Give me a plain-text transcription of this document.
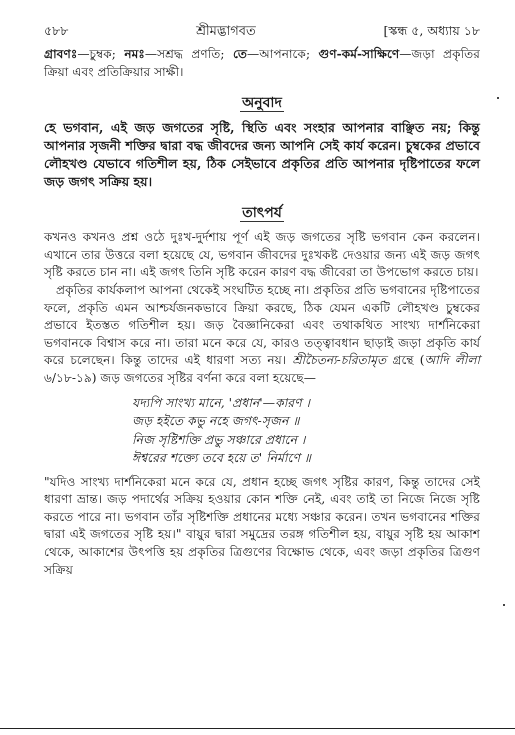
৫৮৮	শ্রীমদ্ভাগবত	[স্কন্ধ ৫, অধ্যায় ১৮

গ্রাবণঃ—চুম্বক; নমঃ—সশ্রদ্ধ প্রণতি; তে—আপনাকে; গুণ-কর্ম-সাক্ষিণে—জড়া প্রকৃতির ক্রিয়া এবং প্রতিক্রিয়ার সাক্ষী।

অনুবাদ

হে ভগবান, এই জড় জগতের সৃষ্টি, স্থিতি এবং সংহার আপনার বাঞ্ছিত নয়; কিন্তু আপনার সৃজনী শক্তির দ্বারা বদ্ধ জীবদের জন্য আপনি সেই কার্য করেন। চুম্বকের প্রভাবে লৌহখণ্ড যেভাবে গতিশীল হয়, ঠিক সেইভাবে প্রকৃতির প্রতি আপনার দৃষ্টিপাতের ফলে জড় জগৎ সক্রিয় হয়।

তাৎপর্য

কখনও কখনও প্রশ্ন ওঠে দুঃখ-দুর্দশায় পূর্ণ এই জড় জগতের সৃষ্টি ভগবান কেন করলেন। এখানে তার উত্তরে বলা হয়েছে যে, ভগবান জীবদের দুঃখকষ্ট দেওয়ার জন্য এই জড় জগৎ সৃষ্টি করতে চান না। এই জগৎ তিনি সৃষ্টি করেন কারণ বদ্ধ জীবেরা তা উপভোগ করতে চায়।

প্রকৃতির কার্যকলাপ আপনা থেকেই সংঘটিত হচ্ছে না। প্রকৃতির প্রতি ভগবানের দৃষ্টিপাতের ফলে, প্রকৃতি এমন আশ্চর্যজনকভাবে ক্রিয়া করছে, ঠিক যেমন একটি লৌহখণ্ড চুম্বকের প্রভাবে ইতস্তত গতিশীল হয়। জড় বৈজ্ঞানিকেরা এবং তথাকথিত সাংখ্য দার্শনিকেরা ভগবানকে বিশ্বাস করে না। তারা মনে করে যে, কারও তত্ত্বাবধান ছাড়াই জড়া প্রকৃতি কার্য করে চলেছেন। কিন্তু তাদের এই ধারণা সত্য নয়। শ্রীচৈতন্য-চরিতামৃত গ্রন্থে (আদি লীলা ৬/১৮-১৯) জড় জগতের সৃষ্টির বর্ণনা করে বলা হয়েছে—

যদ্যপি সাংখ্য মানে, 'প্রধান'—কারণ ।
জড় হইতে কভু নহে জগৎ-সৃজন ॥
নিজ সৃষ্টিশক্তি প্রভু সঞ্চারে প্রধানে ।
ঈশ্বরের শক্ত্যে তবে হয়ে ত' নির্মাণে ॥

"যদিও সাংখ্য দার্শনিকেরা মনে করে যে, প্রধান হচ্ছে জগৎ সৃষ্টির কারণ, কিন্তু তাদের সেই ধারণা ভ্রান্ত। জড় পদার্থের সক্রিয় হওয়ার কোন শক্তি নেই, এবং তাই তা নিজে নিজে সৃষ্টি করতে পারে না। ভগবান তাঁর সৃষ্টিশক্তি প্রধানের মধ্যে সঞ্চার করেন। তখন ভগবানের শক্তির দ্বারা এই জগতের সৃষ্টি হয়।" বায়ুর দ্বারা সমুদ্রের তরঙ্গ গতিশীল হয়, বায়ুর সৃষ্টি হয় আকাশ থেকে, আকাশের উৎপত্তি হয় প্রকৃতির ত্রিগুণের বিক্ষোভ থেকে, এবং জড়া প্রকৃতির ত্রিগুণ সক্রিয়
